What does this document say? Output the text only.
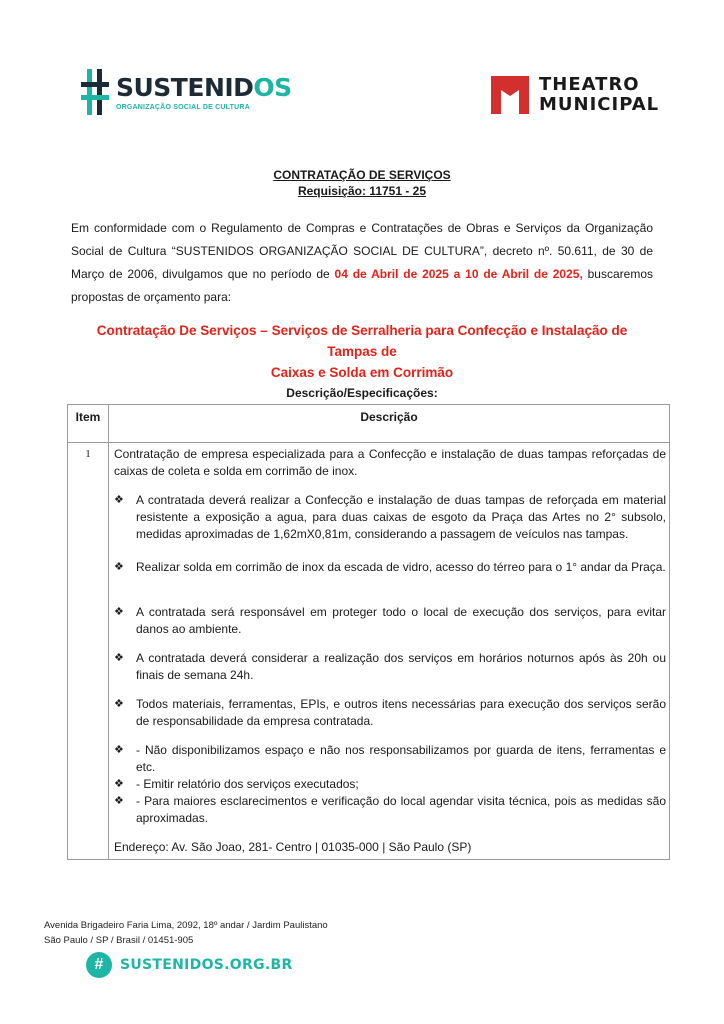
SUSTENIDOS
ORGANIZAÇÃO SOCIAL DE CULTURA
THEATRO
MUNICIPAL
CONTRATAÇÃO DE SERVIÇOS
Requisição: 11751 - 25
Em conformidade com o Regulamento de Compras e Contratações de Obras e Serviços da Organização Social de Cultura “SUSTENIDOS ORGANIZAÇÃO SOCIAL DE CULTURA”, decreto nº. 50.611, de 30 de Março de 2006, divulgamos que no período de 04 de Abril de 2025 a 10 de Abril de 2025, buscaremos propostas de orçamento para:
Contratação De Serviços – Serviços de Serralheria para Confecção e Instalação de Tampas de
Caixas e Solda em Corrimão
Descrição/Especificações:
Item	Descrição
1	Contratação de empresa especializada para a Confecção e instalação de duas tampas reforçadas de caixas de coleta e solda em corrimão de inox.
❖	A contratada deverá realizar a Confecção e instalação de duas tampas de reforçada em material resistente a exposição a agua, para duas caixas de esgoto da Praça das Artes no 2° subsolo, medidas aproximadas de 1,62mX0,81m, considerando a passagem de veículos nas tampas.
❖	Realizar solda em corrimão de inox da escada de vidro, acesso do térreo para o 1° andar da Praça.
❖	A contratada será responsável em proteger todo o local de execução dos serviços, para evitar danos ao ambiente.
❖	A contratada deverá considerar a realização dos serviços em horários noturnos após às 20h ou finais de semana 24h.
❖	Todos materiais, ferramentas, EPIs, e outros itens necessárias para execução dos serviços serão de responsabilidade da empresa contratada.
❖	- Não disponibilizamos espaço e não nos responsabilizamos por guarda de itens, ferramentas e etc.
❖	- Emitir relatório dos serviços executados;
❖	- Para maiores esclarecimentos e verificação do local agendar visita técnica, pois as medidas são aproximadas.
Endereço: Av. São Joao, 281- Centro | 01035-000 | São Paulo (SP)
Avenida Brigadeiro Faria Lima, 2092, 18º andar / Jardim Paulistano
São Paulo / SP / Brasil / 01451-905
#	SUSTENIDOS.ORG.BR
